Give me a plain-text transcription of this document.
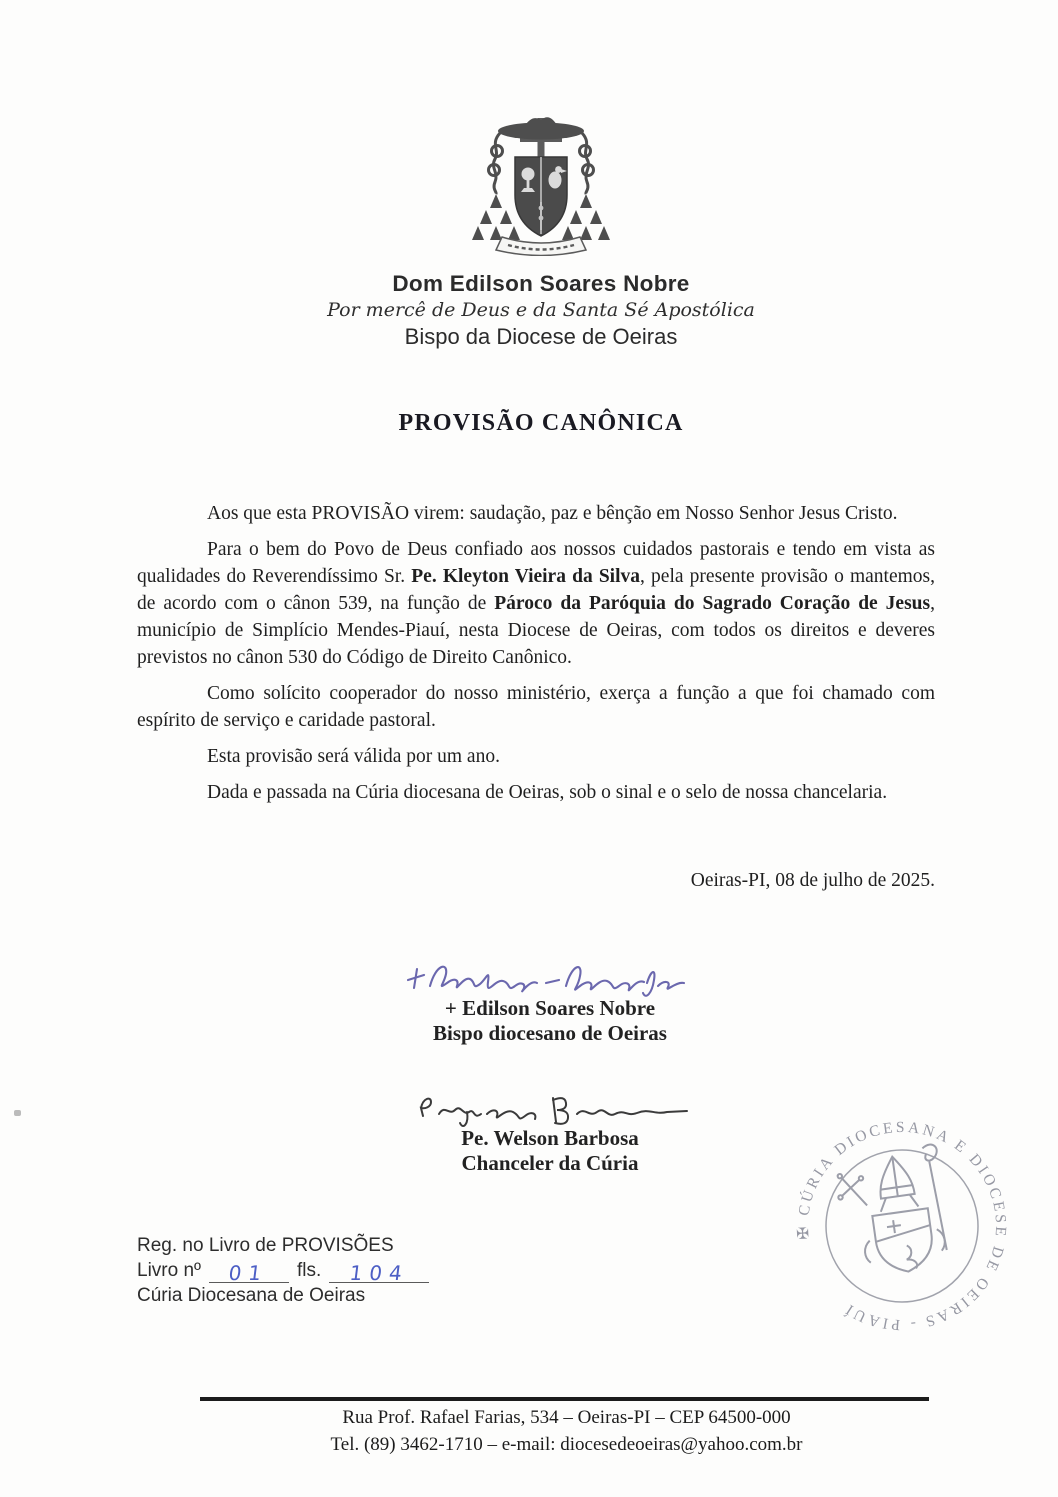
Dom Edilson Soares Nobre
Por mercê de Deus e da Santa Sé Apostólica
Bispo da Diocese de Oeiras
PROVISÃO CANÔNICA

Aos que esta PROVISÃO virem: saudação, paz e bênção em Nosso Senhor Jesus Cristo.

Para o bem do Povo de Deus confiado aos nossos cuidados pastorais e tendo em vista as qualidades do Reverendíssimo Sr. Pe. Kleyton Vieira da Silva, pela presente provisão o mantemos, de acordo com o cânon 539, na função de Pároco da Paróquia do Sagrado Coração de Jesus, município de Simplício Mendes-Piauí, nesta Diocese de Oeiras, com todos os direitos e deveres previstos no cânon 530 do Código de Direito Canônico.

Como solícito cooperador do nosso ministério, exerça a função a que foi chamado com espírito de serviço e caridade pastoral.

Esta provisão será válida por um ano.

Dada e passada na Cúria diocesana de Oeiras, sob o sinal e o selo de nossa chancelaria.

Oeiras-PI, 08 de julho de 2025.
+ Edilson Soares Nobre
Bispo diocesano de Oeiras
Pe. Welson Barbosa
Chanceler da Cúria
Reg. no Livro de PROVISÕES
Livro nº	01	fls.	104
Cúria Diocesana de Oeiras
✠ CÚRIA DIOCESANA E DIOCESE DE OEIRAS - PIAUÍ
Rua Prof. Rafael Farias, 534 – Oeiras-PI – CEP 64500-000
Tel. (89) 3462-1710 – e-mail: diocesedeoeiras@yahoo.com.br
